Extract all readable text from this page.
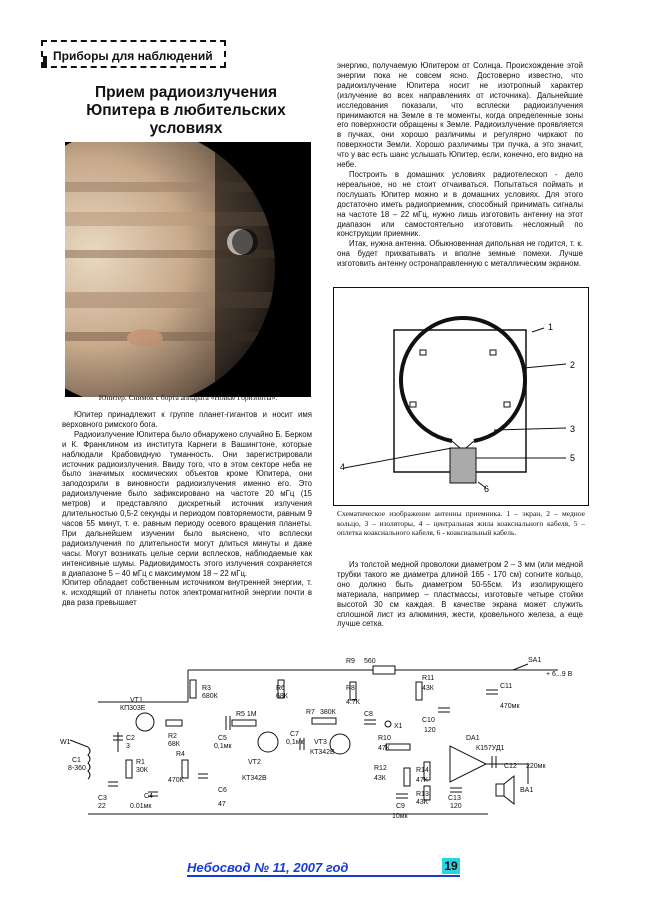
Приборы для наблюдений
Прием радиоизлучения
Юпитера в любительских
условиях
Юпитер. Снимок с борта аппарата «Новые Горизонты».

Юпитер принадлежит к группе планет-гигантов и носит имя верховного римского бога.

Радиоизлучение Юпитера было обнаружено случайно Б. Берком и К. Франклином из института Карнеги в Вашингтоне, которые наблюдали Крабовидную туманность. Они зарегистрировали источник радиоизлучения. Ввиду того, что в этом секторе неба не было значимых космических объектов кроме Юпитера, они заподозрили в виновности радиоизлучения именно его. Это радиоизлучение было зафиксировано на частоте 20 мГц (15 метров) и представляло дискретный источник излучения длительностью 0,5-2 секунды и периодом повторяемости, равным 9 часов 55 минут, т. е. равным периоду осевого вращения планеты. При дальнейшем изучении было выяснено, что всплески радиоизлучения по длительности могут длиться минуты и даже часы. Могут возникать целые серии всплесков, наблюдаемые как интенсивные шумы. Радиовидимость этого излучения сохраняется в диапазоне 5 – 40 мГц с максимумом 18 – 22 мГц.

Юпитер обладает собственным источником внутренней энергии, т. к. исходящий от планеты поток электромагнитной энергии почти в два раза превышает

энергию, получаемую Юпитером от Солнца. Происхождение этой энергии пока не совсем ясно. Достоверно известно, что радиоизлучение Юпитера носит не изотропный характер (излучение во всех направлениях от источника). Дальнейшие исследования показали, что всплески радиоизлучения принимаются на Земле в те моменты, когда определенные зоны его поверхности обращены к Земле. Радиоизлучение проявляется в пучках, они хорошо различимы и регулярно чиркают по поверхности Земли. Хорошо различимы три пучка, а это значит, что у вас есть шанс услышать Юпитер, если, конечно, его видно на небе.

Построить в домашних условиях радиотелескоп - дело нереальное, но не стоит отчаиваться. Попытаться поймать и послушать Юпитер можно и в домашних условиях. Для этого достаточно иметь радиоприемник, способный принимать сигналы на частоте 18 – 22 мГц, нужно лишь изготовить антенну на этот диапазон или самостоятельно изготовить несложный по конструкции приемник.

Итак, нужна антенна. Обыкновенная дипольная не годится, т. к. она будет прихватывать и вполне земные помехи. Лучше изготовить антенну остронаправленную с металлическим экраном.

1
2
3
4
5
6
Схематическое изображение антенны приемника. 1 – экран, 2 – медное кольцо, 3 – изоляторы, 4 – центральная жила коаксиального кабеля, 5 – оплетка коаксиального кабеля, 6 - коаксиальный кабель.

Из толстой медной проволоки диаметром 2 – 3 мм (или медной трубки такого же диаметра длиной 165 - 170 см) согните кольцо, оно должно быть диаметром 50-55см. Из изолирующего материала, например – пластмассы, изготовьте четыре стойки высотой 30 см каждая. В качестве экрана может служить сплошной лист из алюминия, жести, кровельного железа, а еще лучше сетка.

R9 560	SA1
+ 6...9 В
VT1
КП303Е
R3
680К
R6
68К
R8
4.7К
R11
43К	C11
470мк
W1
C2
3
R2
68К
R5 1М
C5
0,1мк
R7 380К
C7
0,1мк
C8
X1
C10
120
DA1
К157УД1
C1
8-360
R1
30К
R4
470К
VT2
КТ342В
VT3
КТ342В
R10
47К
R12
43К
R14
47К
R13
43К
C12 220мк
BA1
C3
22
C4
0.01мк
C6
47	C9
10мк
C13
120
Небосвод № 11, 2007 год	19
